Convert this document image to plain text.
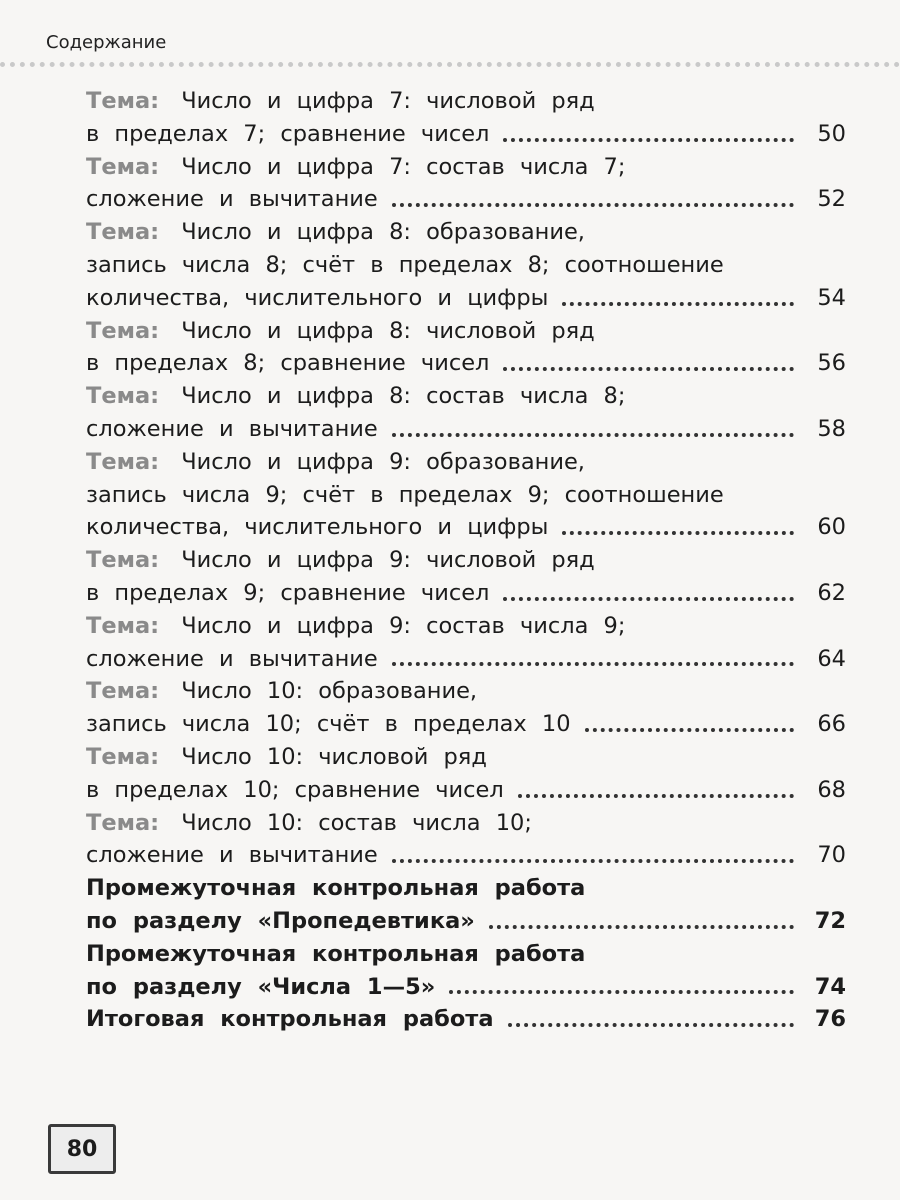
Содержание
Тема: Число и цифра 7: числовой ряд
в пределах 7; сравнение чисел	50
Тема: Число и цифра 7: состав числа 7;
сложение и вычитание	52
Тема: Число и цифра 8: образование,
запись числа 8; счёт в пределах 8; соотношение
количества, числительного и цифры	54
Тема: Число и цифра 8: числовой ряд
в пределах 8; сравнение чисел	56
Тема: Число и цифра 8: состав числа 8;
сложение и вычитание	58
Тема: Число и цифра 9: образование,
запись числа 9; счёт в пределах 9; соотношение
количества, числительного и цифры	60
Тема: Число и цифра 9: числовой ряд
в пределах 9; сравнение чисел	62
Тема: Число и цифра 9: состав числа 9;
сложение и вычитание	64
Тема: Число 10: образование,
запись числа 10; счёт в пределах 10	66
Тема: Число 10: числовой ряд
в пределах 10; сравнение чисел	68
Тема: Число 10: состав числа 10;
сложение и вычитание	70
Промежуточная контрольная работа
по разделу «Пропедевтика»	72
Промежуточная контрольная работа
по разделу «Числа 1—5»	74
Итоговая контрольная работа	76
80
